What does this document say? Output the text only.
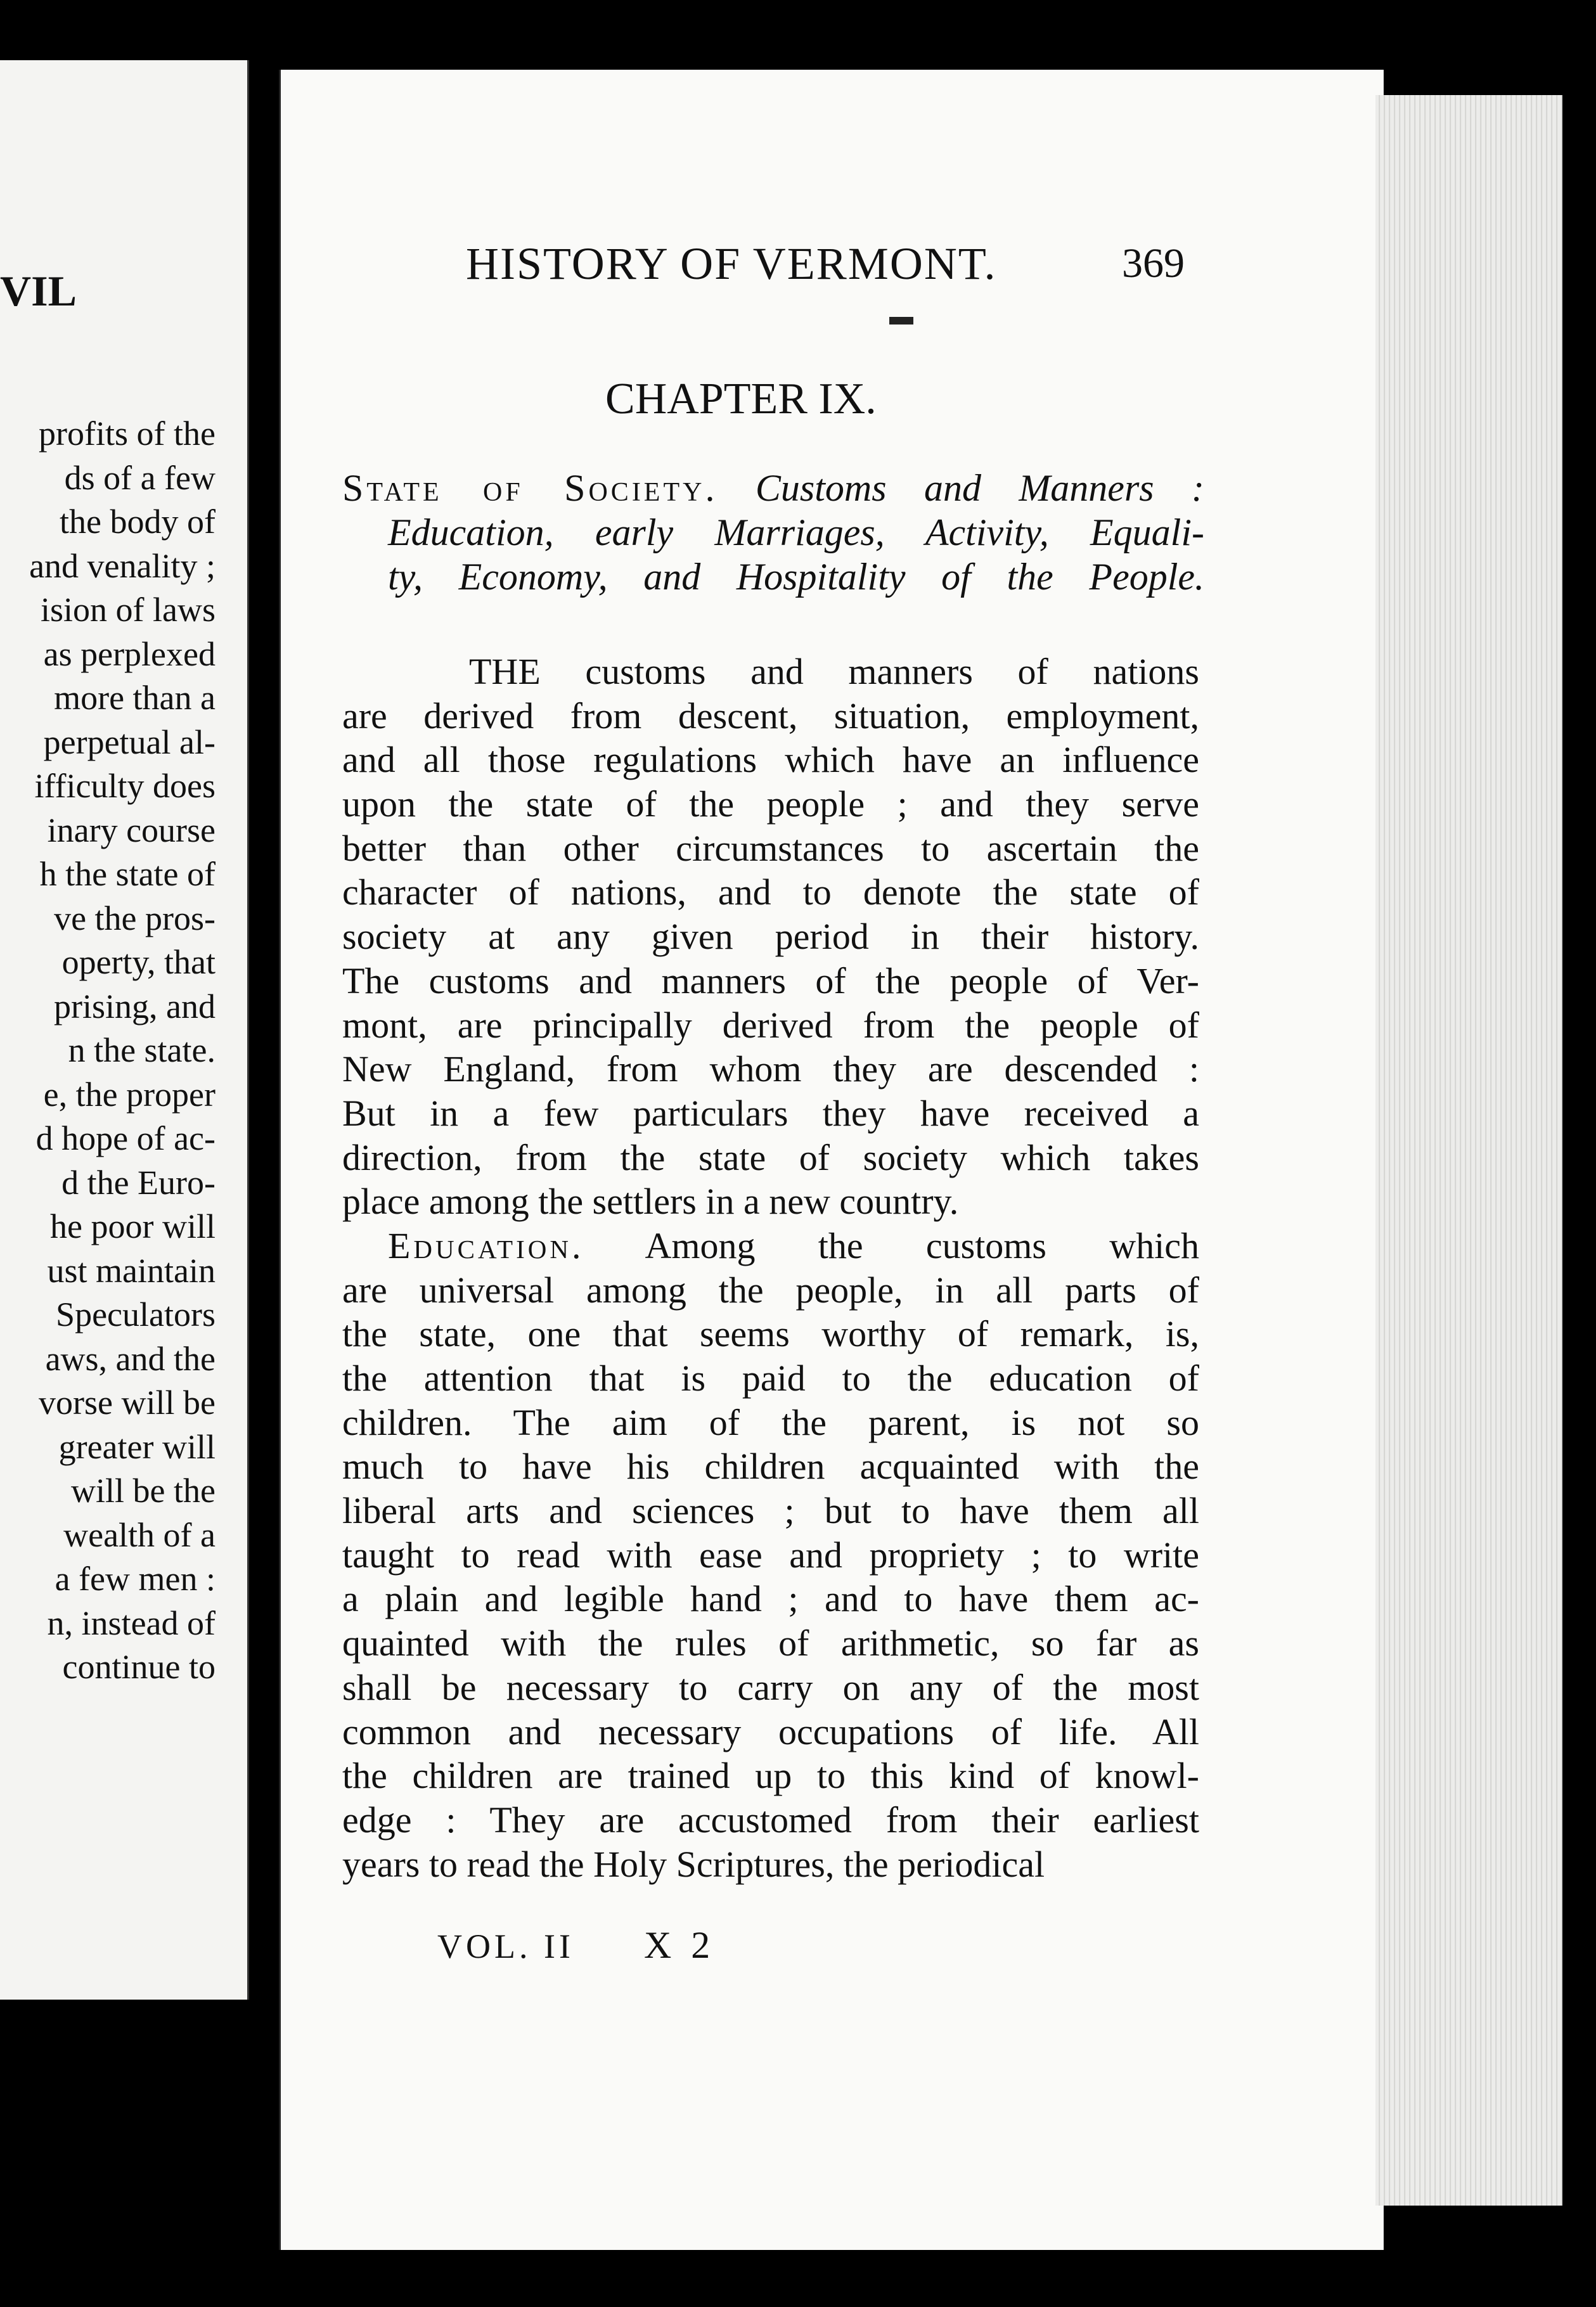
VIL
profits of the
ds of a few
the body of
and venality ;
ision of laws
as perplexed
more than a
perpetual al-
ifficulty does
inary course
h the state of
ve the pros-
operty, that
prising, and
n the state.
e, the proper
d hope of ac-
d the Euro-
he poor will
ust maintain
Speculators
aws, and the
vorse will be
greater will
will be the
wealth of a
a few men :
n, instead of
continue to
HISTORY OF VERMONT.	369
CHAPTER IX.
State of Society. Customs and Manners :
Education, early Marriages, Activity, Equali-
ty, Economy, and Hospitality of the People.
THE customs and manners of nations
are derived from descent, situation, employment,
and all those regulations which have an influence
upon the state of the people ; and they serve
better than other circumstances to ascertain the
character of nations, and to denote the state of
society at any given period in their history.
The customs and manners of the people of Ver-
mont, are principally derived from the people of
New England, from whom they are descended :
But in a few particulars they have received a
direction, from the state of society which takes
place among the settlers in a new country.
Education. Among the customs which
are universal among the people, in all parts of
the state, one that seems worthy of remark, is,
the attention that is paid to the education of
children. The aim of the parent, is not so
much to have his children acquainted with the
liberal arts and sciences ; but to have them all
taught to read with ease and propriety ; to write
a plain and legible hand ; and to have them ac-
quainted with the rules of arithmetic, so far as
shall be necessary to carry on any of the most
common and necessary occupations of life. All
the children are trained up to this kind of knowl-
edge : They are accustomed from their earliest
years to read the Holy Scriptures, the periodical
VOL. II X 2
